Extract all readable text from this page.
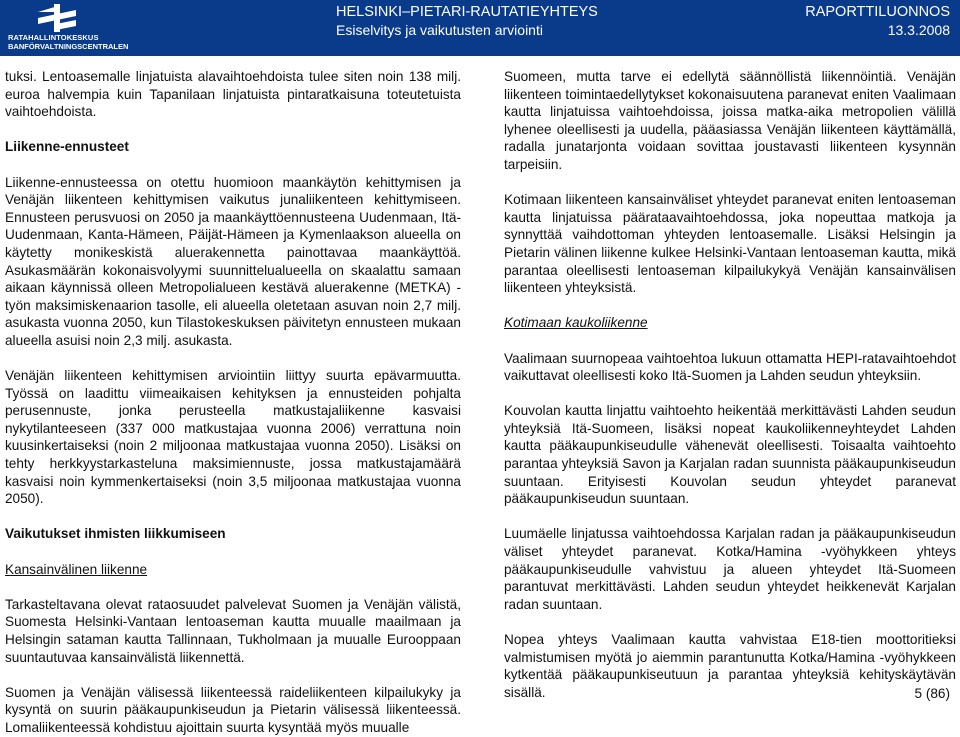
RATAHALLINTOKESKUS
BANFÖRVALTNINGSCENTRALEN
HELSINKI–PIETARI-RAUTATIEYHTEYS
Esiselvitys ja vaikutusten arviointi
RAPORTTILUONNOS
13.3.2008

tuksi. Lentoasemalle linjatuista alavaihtoehdoista tulee siten noin 138 milj. euroa halvempia kuin Tapanilaan linjatuista pintaratkaisuna toteutetuista vaihtoehdoista.

Liikenne-ennusteet

Liikenne-ennusteessa on otettu huomioon maankäytön kehittymisen ja Venäjän liikenteen kehittymisen vaikutus junaliikenteen kehittymiseen. Ennusteen perusvuosi on 2050 ja maankäyttöennusteena Uudenmaan, Itä-Uudenmaan, Kanta-Hämeen, Päijät-Hämeen ja Kymenlaakson alueella on käytetty monikeskistä aluerakennetta painottavaa maankäyttöä. Asukasmäärän kokonaisvolyymi suunnittelualueella on skaalattu samaan aikaan käynnissä olleen Metropolialueen kestävä aluerakenne (METKA) -työn maksimiskenaarion tasolle, eli alueella oletetaan asuvan noin 2,7 milj. asukasta vuonna 2050, kun Tilastokeskuksen päivitetyn ennusteen mukaan alueella asuisi noin 2,3 milj. asukasta.

Venäjän liikenteen kehittymisen arviointiin liittyy suurta epävarmuutta. Työssä on laadittu viimeaikaisen kehityksen ja ennusteiden pohjalta perusennuste, jonka perusteella matkustajaliikenne kasvaisi nykytilanteeseen (337 000 matkustajaa vuonna 2006) verrattuna noin kuusinkertaiseksi (noin 2 miljoonaa matkustajaa vuonna 2050). Lisäksi on tehty herkkyystarkasteluna maksimiennuste, jossa matkustajamäärä kasvaisi noin kymmenkertaiseksi (noin 3,5 miljoonaa matkustajaa vuonna 2050).

Vaikutukset ihmisten liikkumiseen

Kansainvälinen liikenne

Tarkasteltavana olevat rataosuudet palvelevat Suomen ja Venäjän välistä, Suomesta Helsinki-Vantaan lentoaseman kautta muualle maailmaan ja Helsingin sataman kautta Tallinnaan, Tukholmaan ja muualle Eurooppaan suuntautuvaa kansainvälistä liikennettä.

Suomen ja Venäjän välisessä liikenteessä raideliikenteen kilpailukyky ja kysyntä on suurin pääkaupunkiseudun ja Pietarin välisessä liikenteessä. Lomaliikenteessä kohdistuu ajoittain suurta kysyntää myös muualle

Suomeen, mutta tarve ei edellytä säännöllistä liikennöintiä. Venäjän liikenteen toimintaedellytykset kokonaisuutena paranevat eniten Vaalimaan kautta linjatuissa vaihtoehdoissa, joissa matka-aika metropolien välillä lyhenee oleellisesti ja uudella, pääasiassa Venäjän liikenteen käyttämällä, radalla junatarjonta voidaan sovittaa joustavasti liikenteen kysynnän tarpeisiin.

Kotimaan liikenteen kansainväliset yhteydet paranevat eniten lentoaseman kautta linjatuissa päärataavaihtoehdossa, joka nopeuttaa matkoja ja synnyttää vaihdottoman yhteyden lentoasemalle. Lisäksi Helsingin ja Pietarin välinen liikenne kulkee Helsinki-Vantaan lentoaseman kautta, mikä parantaa oleellisesti lentoaseman kilpailukykyä Venäjän kansainvälisen liikenteen yhteyksistä.

Kotimaan kaukoliikenne

Vaalimaan suurnopeaa vaihtoehtoa lukuun ottamatta HEPI-ratavaihtoehdot vaikuttavat oleellisesti koko Itä-Suomen ja Lahden seudun yhteyksiin.

Kouvolan kautta linjattu vaihtoehto heikentää merkittävästi Lahden seudun yhteyksiä Itä-Suomeen, lisäksi nopeat kaukoliikenneyhteydet Lahden kautta pääkaupunkiseudulle vähenevät oleellisesti. Toisaalta vaihtoehto parantaa yhteyksiä Savon ja Karjalan radan suunnista pääkaupunkiseudun suuntaan. Erityisesti Kouvolan seudun yhteydet paranevat pääkaupunkiseudun suuntaan.

Luumäelle linjatussa vaihtoehdossa Karjalan radan ja pääkaupunkiseudun väliset yhteydet paranevat. Kotka/Hamina -vyöhykkeen yhteys pääkaupunkiseudulle vahvistuu ja alueen yhteydet Itä-Suomeen parantuvat merkittävästi. Lahden seudun yhteydet heikkenevät Karjalan radan suuntaan.

Nopea yhteys Vaalimaan kautta vahvistaa E18-tien moottoritieksi valmistumisen myötä jo aiemmin parantunutta Kotka/Hamina -vyöhykkeen kytkentää pääkaupunkiseutuun ja parantaa yhteyksiä kehityskäytävän sisällä.	5 (86)
